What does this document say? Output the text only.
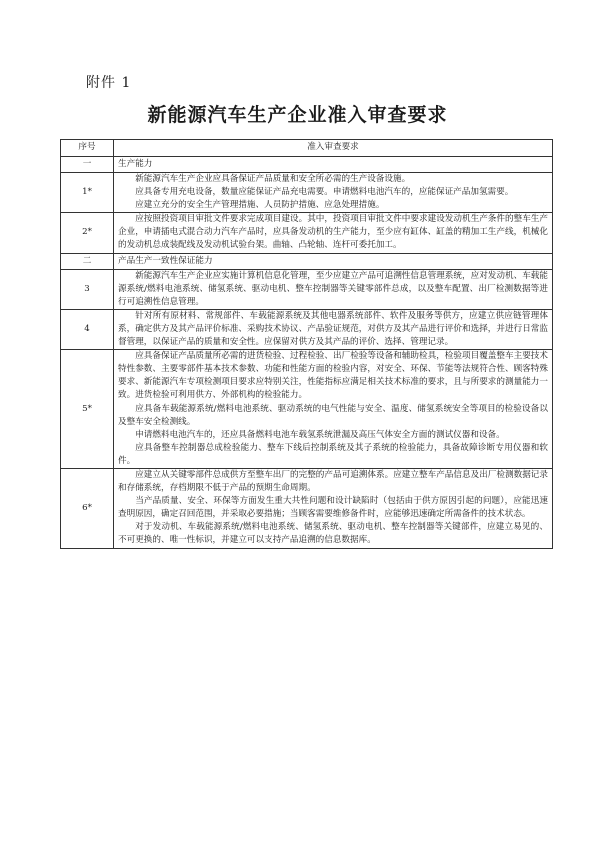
附件 1
新能源汽车生产企业准入审查要求
序号	准入审查要求
一	生产能力
1*	新能源汽车生产企业应具备保证产品质量和安全所必需的生产设备设施。

应具备专用充电设备，数量应能保证产品充电需要。申请燃料电池汽车的，应能保证产品加氢需要。

应建立充分的安全生产管理措施、人员防护措施、应急处理措施。

2*	应按照投资项目审批文件要求完成项目建设。其中，投资项目审批文件中要求建设发动机生产条件的整车生产企业，申请插电式混合动力汽车产品时，应具备发动机的生产能力，至少应有缸体、缸盖的精加工生产线，机械化的发动机总成装配线及发动机试验台架。曲轴、凸轮轴、连杆可委托加工。

二	产品生产一致性保证能力
3	新能源汽车生产企业应实施计算机信息化管理，至少应建立产品可追溯性信息管理系统，应对发动机、车载能源系统/燃料电池系统、储氢系统、驱动电机、整车控制器等关键零部件总成，以及整车配置、出厂检测数据等进行可追溯性信息管理。

4	针对所有原材料、常规部件、车载能源系统及其他电器系统部件、软件及服务等供方，应建立供应链管理体系，确定供方及其产品评价标准、采购技术协议、产品验证规范，对供方及其产品进行评价和选择，并进行日常监督管理，以保证产品的质量和安全性。应保留对供方及其产品的评价、选择、管理记录。

5*	应具备保证产品质量所必需的进货检验、过程检验、出厂检验等设备和辅助检具，检验项目覆盖整车主要技术特性参数、主要零部件基本技术参数、功能和性能方面的检验内容，对安全、环保、节能等法规符合性、顾客特殊要求、新能源汽车专项检测项目要求应特别关注，性能指标应满足相关技术标准的要求，且与所要求的测量能力一致。进货检验可利用供方、外部机构的检验能力。

应具备车载能源系统/燃料电池系统、驱动系统的电气性能与安全、温度、储氢系统安全等项目的检验设备以及整车安全检测线。

申请燃料电池汽车的，还应具备燃料电池车载氢系统泄漏及高压气体安全方面的测试仪器和设备。

应具备整车控制器总成检验能力、整车下线后控制系统及其子系统的检验能力，具备故障诊断专用仪器和软件。

6*	应建立从关键零部件总成供方至整车出厂的完整的产品可追溯体系。应建立整车产品信息及出厂检测数据记录和存储系统，存档期限不低于产品的预期生命周期。

当产品质量、安全、环保等方面发生重大共性问题和设计缺陷时（包括由于供方原因引起的问题），应能迅速查明原因，确定召回范围，并采取必要措施；当顾客需要维修备件时，应能够迅速确定所需备件的技术状态。

对于发动机、车载能源系统/燃料电池系统、储氢系统、驱动电机、整车控制器等关键部件，应建立易见的、不可更换的、唯一性标识，并建立可以支持产品追溯的信息数据库。
